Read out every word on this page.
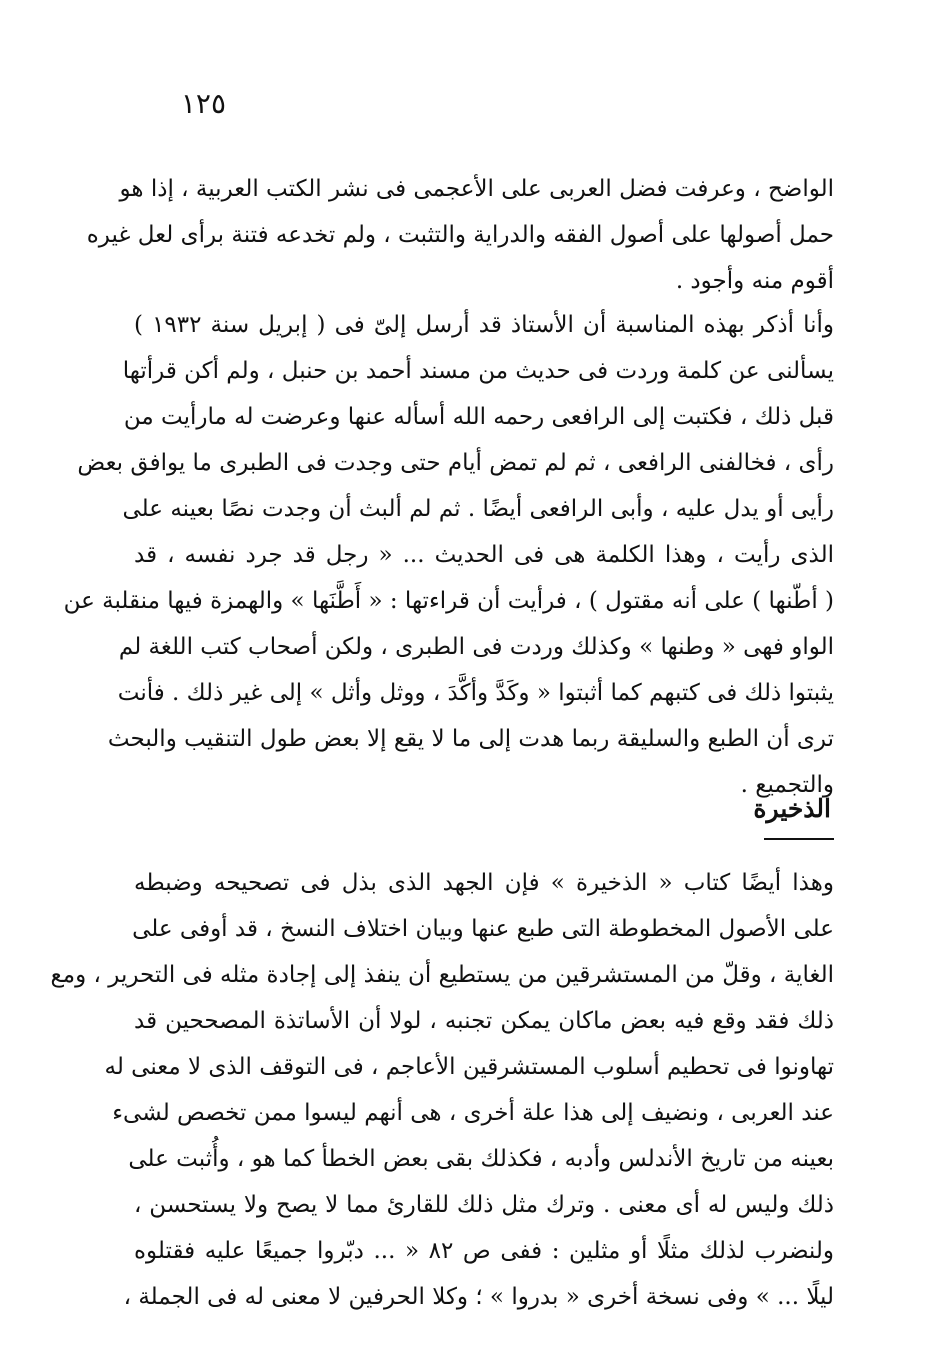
١٢٥
الواضح ، وعرفت فضل العربى على الأعجمى فى نشر الكتب العربية ، إذا هو
حمل أصولها على أصول الفقه والدراية والتثبت ، ولم تخدعه فتنة برأى لعل غيره
أقوم منه وأجود .
وأنا أذكر بهذه المناسبة أن الأستاذ قد أرسل إلىّ فى ( إبريل سنة ١٩٣٢ )
يسألنى عن كلمة وردت فى حديث من مسند أحمد بن حنبل ، ولم أكن قرأتها
قبل ذلك ، فكتبت إلى الرافعى رحمه الله أسأله عنها وعرضت له مارأيت من
رأى ، فخالفنى الرافعى ، ثم لم تمض أيام حتى وجدت فى الطبرى ما يوافق بعض
رأيى أو يدل عليه ، وأبى الرافعى أيضًا . ثم لم ألبث أن وجدت نصًا بعينه على
الذى رأيت ، وهذا الكلمة هى فى الحديث ... « رجل قد جرد نفسه ، قد
( أطّنها ) على أنه مقتول ) ، فرأيت أن قراءتها : « أَطَّنَها » والهمزة فيها منقلبة عن
الواو فهى « وطنها » وكذلك وردت فى الطبرى ، ولكن أصحاب كتب اللغة لم
يثبتوا ذلك فى كتبهم كما أثبتوا « وكَدَّ وأكَّدَ ، ووثل وأثل » إلى غير ذلك . فأنت
ترى أن الطبع والسليقة ربما هدت إلى ما لا يقع إلا بعض طول التنقيب والبحث
والتجميع .
الذخيرة
وهذا أيضًا كتاب « الذخيرة » فإن الجهد الذى بذل فى تصحيحه وضبطه
على الأصول المخطوطة التى طبع عنها وبيان اختلاف النسخ ، قد أوفى على
الغاية ، وقلّ من المستشرقين من يستطيع أن ينفذ إلى إجادة مثله فى التحرير ، ومع
ذلك فقد وقع فيه بعض ماكان يمكن تجنبه ، لولا أن الأساتذة المصححين قد
تهاونوا فى تحطيم أسلوب المستشرقين الأعاجم ، فى التوقف الذى لا معنى له
عند العربى ، ونضيف إلى هذا علة أخرى ، هى أنهم ليسوا ممن تخصص لشىء
بعينه من تاريخ الأندلس وأدبه ، فكذلك بقى بعض الخطأ كما هو ، وأُثبت على
ذلك وليس له أى معنى . وترك مثل ذلك للقارئ مما لا يصح ولا يستحسن ،
ولنضرب لذلك مثلًا أو مثلين : ففى ص ٨٢ « ... دبّروا جميعًا عليه فقتلوه
ليلًا ... » وفى نسخة أخرى « بدروا » ؛ وكلا الحرفين لا معنى له فى الجملة ،
